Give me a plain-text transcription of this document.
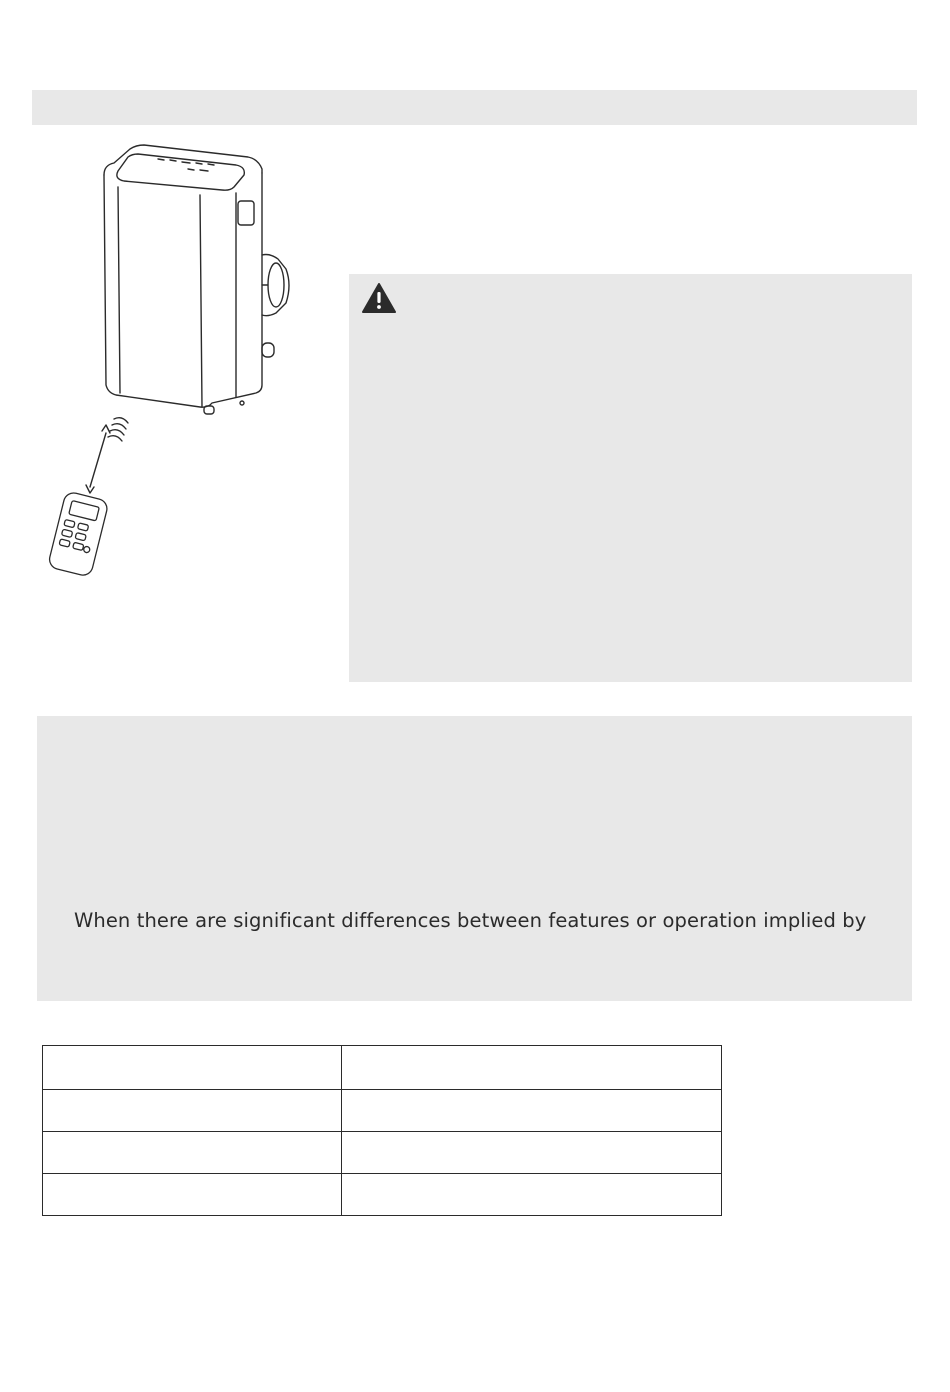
When there are significant differences between features or operation implied by
